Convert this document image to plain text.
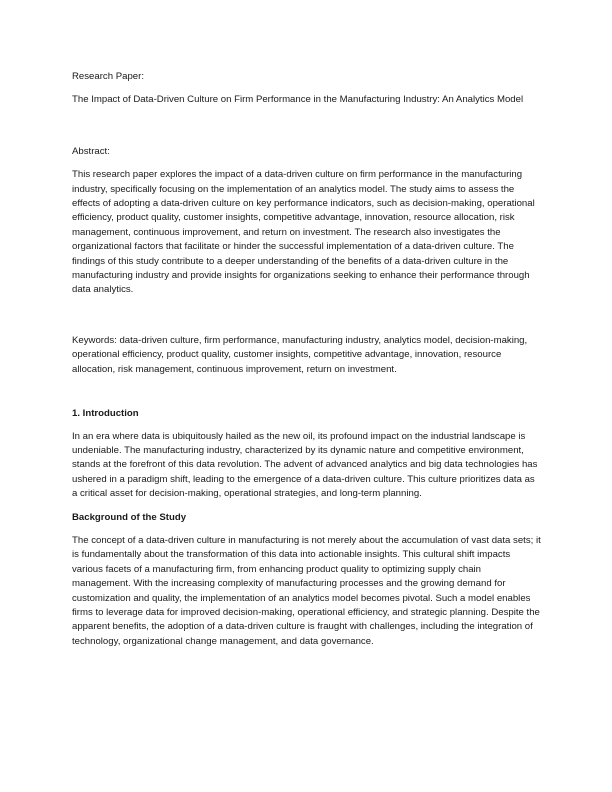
Research Paper:

The Impact of Data-Driven Culture on Firm Performance in the Manufacturing Industry: An Analytics Model

Abstract:

This research paper explores the impact of a data-driven culture on firm performance in the manufacturing industry, specifically focusing on the implementation of an analytics model. The study aims to assess the effects of adopting a data-driven culture on key performance indicators, such as decision-making, operational efficiency, product quality, customer insights, competitive advantage, innovation, resource allocation, risk management, continuous improvement, and return on investment. The research also investigates the organizational factors that facilitate or hinder the successful implementation of a data-driven culture. The findings of this study contribute to a deeper understanding of the benefits of a data-driven culture in the manufacturing industry and provide insights for organizations seeking to enhance their performance through data analytics.

Keywords: data-driven culture, firm performance, manufacturing industry, analytics model, decision-making, operational efficiency, product quality, customer insights, competitive advantage, innovation, resource allocation, risk management, continuous improvement, return on investment.

1. Introduction

In an era where data is ubiquitously hailed as the new oil, its profound impact on the industrial landscape is undeniable. The manufacturing industry, characterized by its dynamic nature and competitive environment, stands at the forefront of this data revolution. The advent of advanced analytics and big data technologies has ushered in a paradigm shift, leading to the emergence of a data-driven culture. This culture prioritizes data as a critical asset for decision-making, operational strategies, and long-term planning.

Background of the Study

The concept of a data-driven culture in manufacturing is not merely about the accumulation of vast data sets; it is fundamentally about the transformation of this data into actionable insights. This cultural shift impacts various facets of a manufacturing firm, from enhancing product quality to optimizing supply chain management. With the increasing complexity of manufacturing processes and the growing demand for customization and quality, the implementation of an analytics model becomes pivotal. Such a model enables firms to leverage data for improved decision-making, operational efficiency, and strategic planning. Despite the apparent benefits, the adoption of a data-driven culture is fraught with challenges, including the integration of technology, organizational change management, and data governance.
